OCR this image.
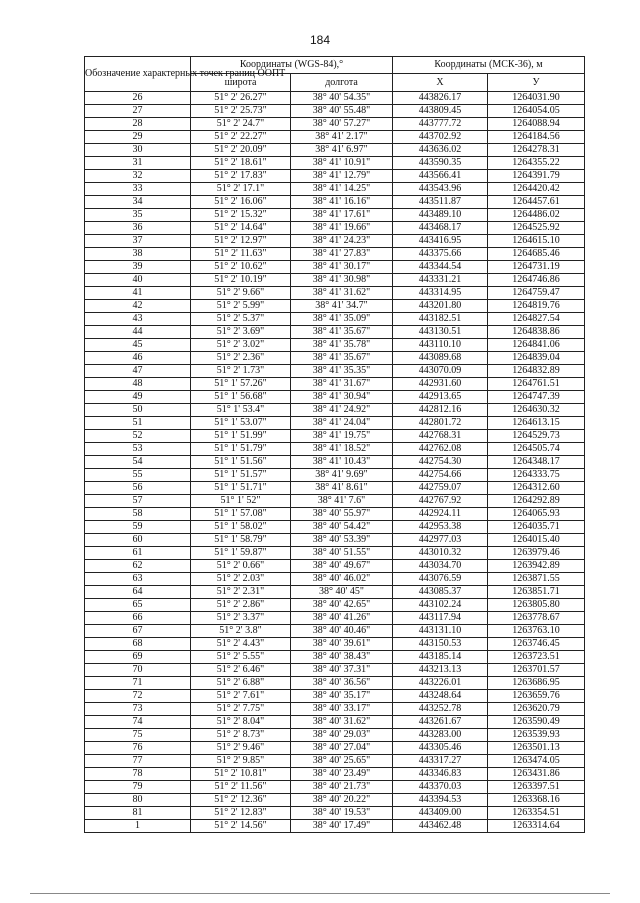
184
Обозначение характерных точек границ ООПТ	Координаты (WGS-84),°		Координаты (МСК-36), м	
	широта	долгота	Х	У
26	51° 2' 26.27"	38° 40' 54.35"	443826.17	1264031.90
27	51° 2' 25.73"	38° 40' 55.48"	443809.45	1264054.05
28	51° 2' 24.7"	38° 40' 57.27"	443777.72	1264088.94
29	51° 2' 22.27"	38° 41' 2.17"	443702.92	1264184.56
30	51° 2' 20.09"	38° 41' 6.97"	443636.02	1264278.31
31	51° 2' 18.61"	38° 41' 10.91"	443590.35	1264355.22
32	51° 2' 17.83"	38° 41' 12.79"	443566.41	1264391.79
33	51° 2' 17.1"	38° 41' 14.25"	443543.96	1264420.42
34	51° 2' 16.06"	38° 41' 16.16"	443511.87	1264457.61
35	51° 2' 15.32"	38° 41' 17.61"	443489.10	1264486.02
36	51° 2' 14.64"	38° 41' 19.66"	443468.17	1264525.92
37	51° 2' 12.97"	38° 41' 24.23"	443416.95	1264615.10
38	51° 2' 11.63"	38° 41' 27.83"	443375.66	1264685.46
39	51° 2' 10.62"	38° 41' 30.17"	443344.54	1264731.19
40	51° 2' 10.19"	38° 41' 30.98"	443331.21	1264746.86
41	51° 2' 9.66"	38° 41' 31.62"	443314.95	1264759.47
42	51° 2' 5.99"	38° 41' 34.7"	443201.80	1264819.76
43	51° 2' 5.37"	38° 41' 35.09"	443182.51	1264827.54
44	51° 2' 3.69"	38° 41' 35.67"	443130.51	1264838.86
45	51° 2' 3.02"	38° 41' 35.78"	443110.10	1264841.06
46	51° 2' 2.36"	38° 41' 35.67"	443089.68	1264839.04
47	51° 2' 1.73"	38° 41' 35.35"	443070.09	1264832.89
48	51° 1' 57.26"	38° 41' 31.67"	442931.60	1264761.51
49	51° 1' 56.68"	38° 41' 30.94"	442913.65	1264747.39
50	51° 1' 53.4"	38° 41' 24.92"	442812.16	1264630.32
51	51° 1' 53.07"	38° 41' 24.04"	442801.72	1264613.15
52	51° 1' 51.99"	38° 41' 19.75"	442768.31	1264529.73
53	51° 1' 51.79"	38° 41' 18.52"	442762.08	1264505.74
54	51° 1' 51.56"	38° 41' 10.43"	442754.30	1264348.17
55	51° 1' 51.57"	38° 41' 9.69"	442754.66	1264333.75
56	51° 1' 51.71"	38° 41' 8.61"	442759.07	1264312.60
57	51° 1' 52"	38° 41' 7.6"	442767.92	1264292.89
58	51° 1' 57.08"	38° 40' 55.97"	442924.11	1264065.93
59	51° 1' 58.02"	38° 40' 54.42"	442953.38	1264035.71
60	51° 1' 58.79"	38° 40' 53.39"	442977.03	1264015.40
61	51° 1' 59.87"	38° 40' 51.55"	443010.32	1263979.46
62	51° 2' 0.66"	38° 40' 49.67"	443034.70	1263942.89
63	51° 2' 2.03"	38° 40' 46.02"	443076.59	1263871.55
64	51° 2' 2.31"	38° 40' 45"	443085.37	1263851.71
65	51° 2' 2.86"	38° 40' 42.65"	443102.24	1263805.80
66	51° 2' 3.37"	38° 40' 41.26"	443117.94	1263778.67
67	51° 2' 3.8"	38° 40' 40.46"	443131.10	1263763.10
68	51° 2' 4.43"	38° 40' 39.61"	443150.53	1263746.45
69	51° 2' 5.55"	38° 40' 38.43"	443185.14	1263723.51
70	51° 2' 6.46"	38° 40' 37.31"	443213.13	1263701.57
71	51° 2' 6.88"	38° 40' 36.56"	443226.01	1263686.95
72	51° 2' 7.61"	38° 40' 35.17"	443248.64	1263659.76
73	51° 2' 7.75"	38° 40' 33.17"	443252.78	1263620.79
74	51° 2' 8.04"	38° 40' 31.62"	443261.67	1263590.49
75	51° 2' 8.73"	38° 40' 29.03"	443283.00	1263539.93
76	51° 2' 9.46"	38° 40' 27.04"	443305.46	1263501.13
77	51° 2' 9.85"	38° 40' 25.65"	443317.27	1263474.05
78	51° 2' 10.81"	38° 40' 23.49"	443346.83	1263431.86
79	51° 2' 11.56"	38° 40' 21.73"	443370.03	1263397.51
80	51° 2' 12.36"	38° 40' 20.22"	443394.53	1263368.16
81	51° 2' 12.83"	38° 40' 19.53"	443409.00	1263354.51
1	51° 2' 14.56"	38° 40' 17.49"	443462.48	1263314.64
